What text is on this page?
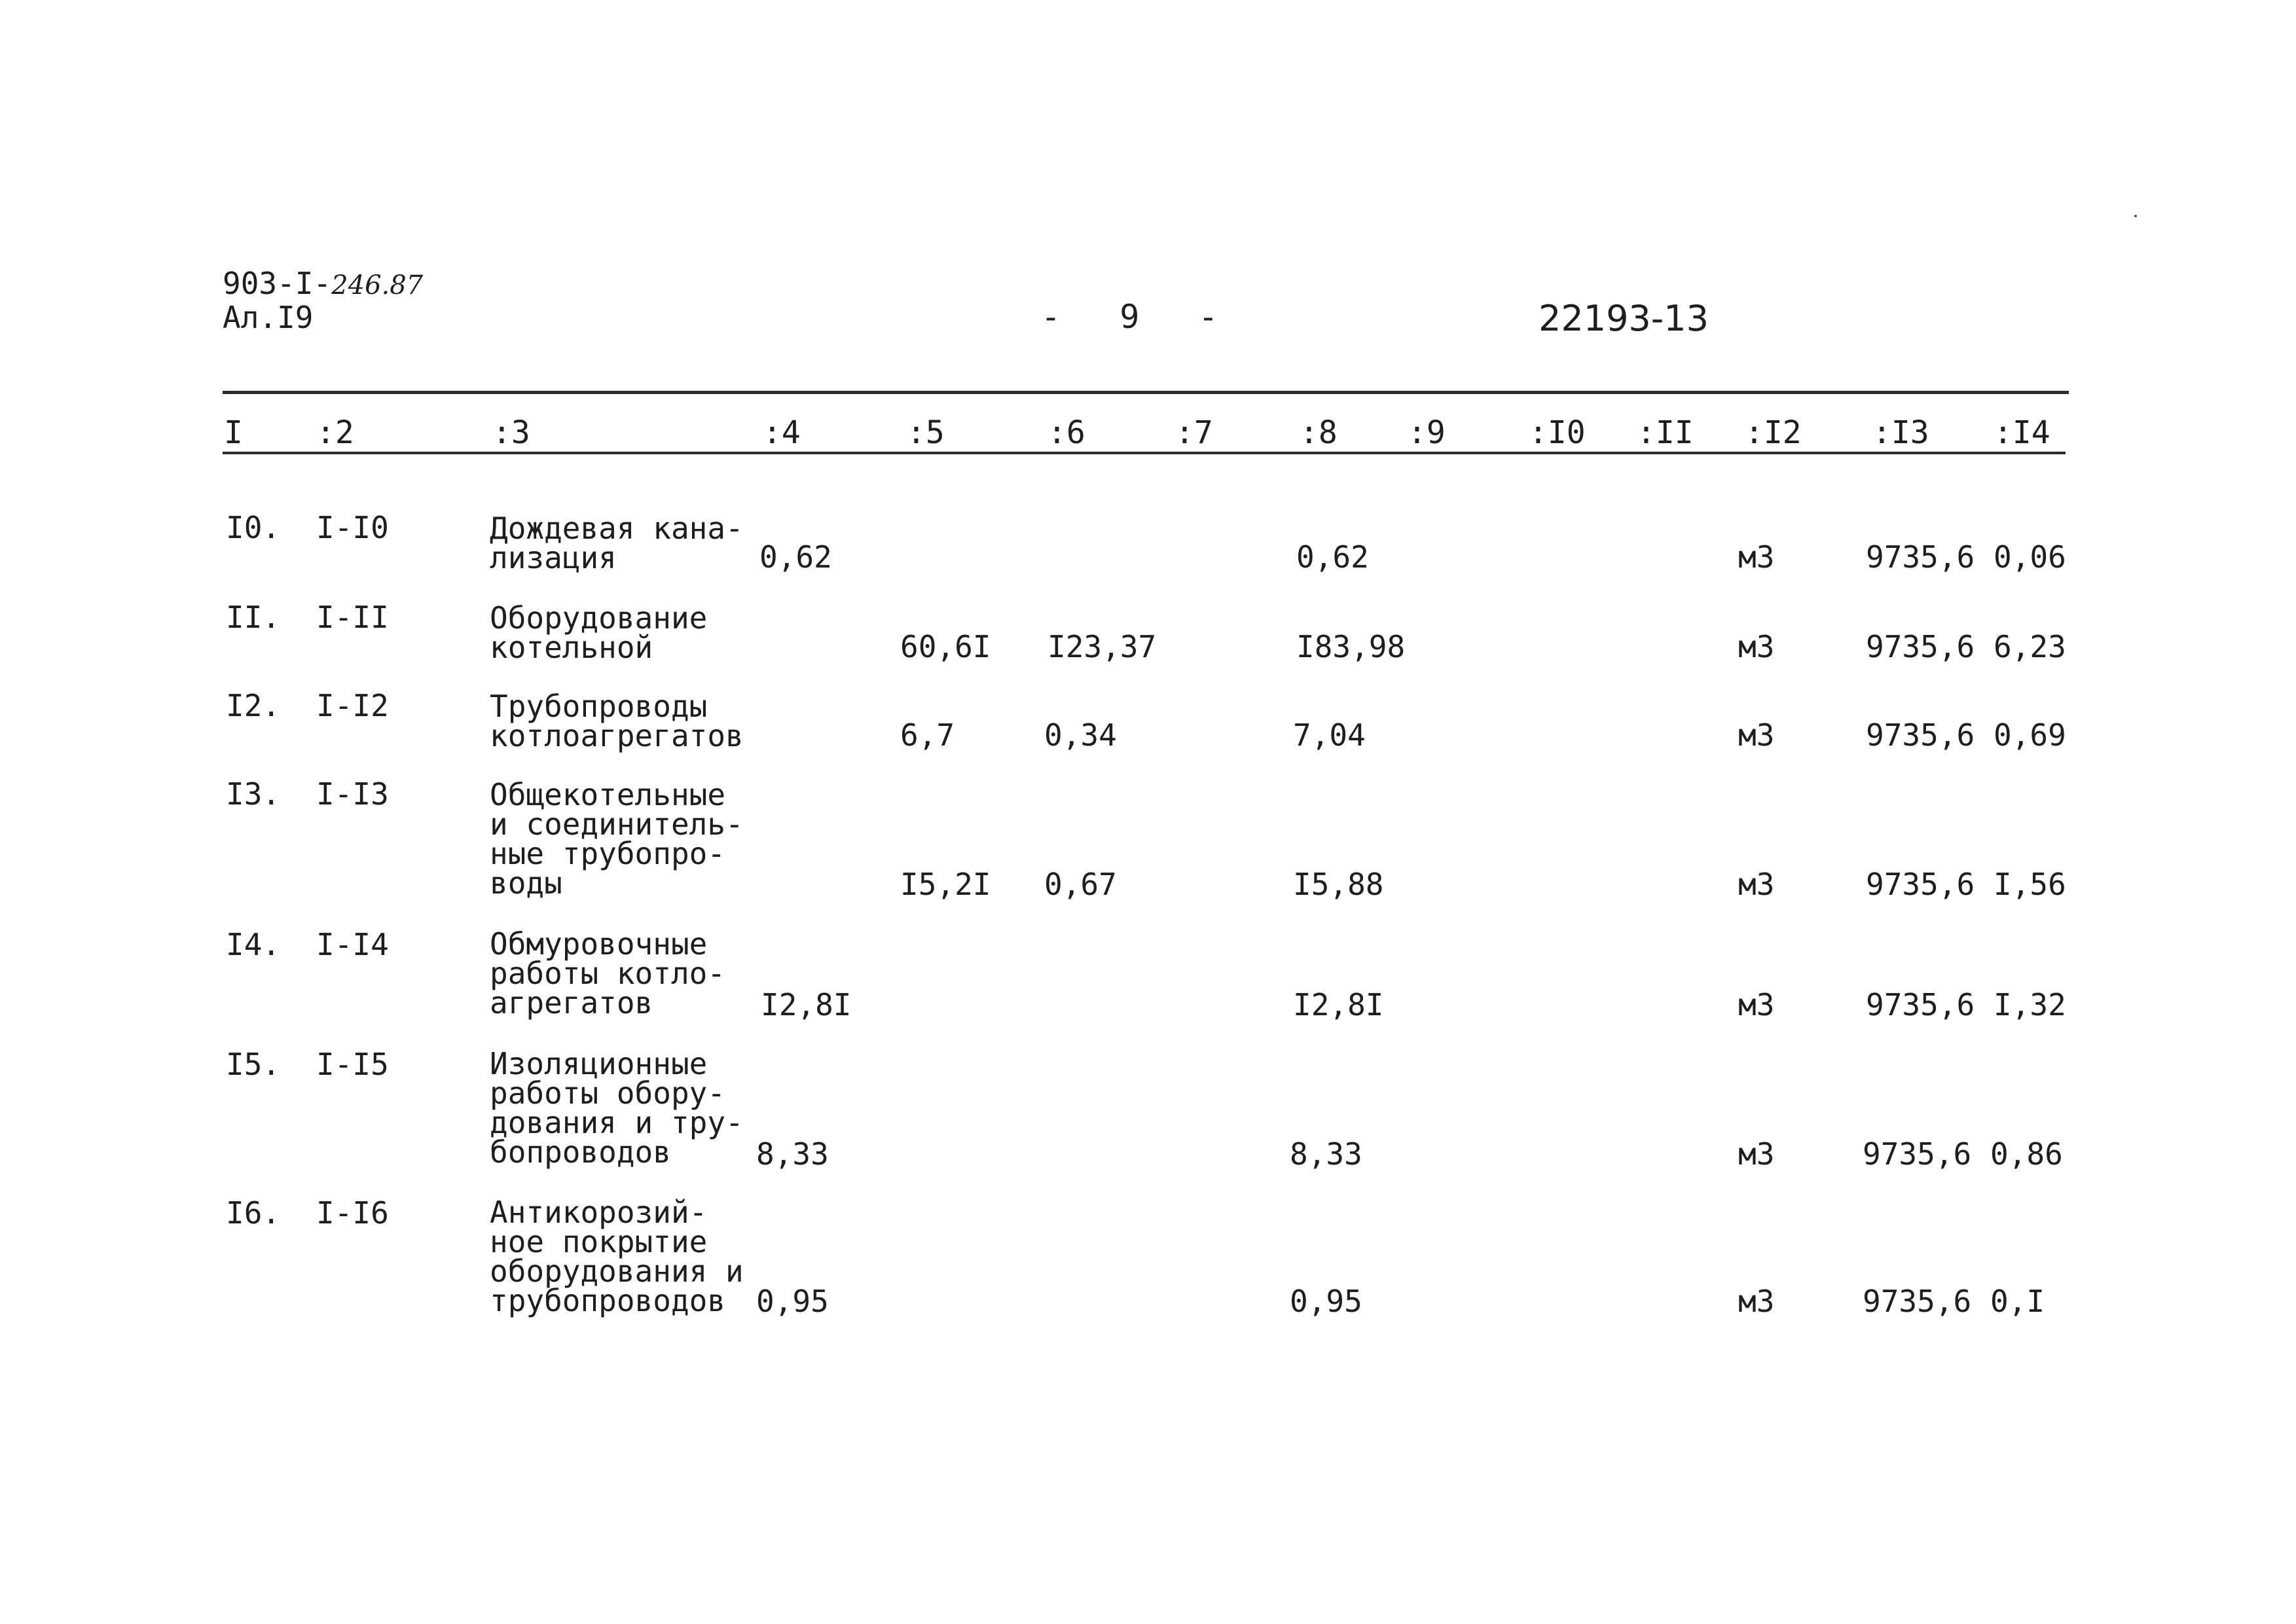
903-I-246.87
Ал.I9	- 9 -	22193-13
I :2	:3	:4	:5	:6	:7	:8 :9	:I0 :II :I2 :I3 :I4
I0. I-I0	Дождевая кана-
лизация	0,62	0,62	м3	9735,6 0,06
II. I-II	Оборудование
котельной	60,6I I23,37	I83,98	м3	9735,6 6,23
I2. I-I2	Трубопроводы
котлоагрегатов	6,7	0,34	7,04	м3	9735,6 0,69
I3. I-I3	Общекотельные
и соединитель-
ные трубопро-
воды	I5,2I 0,67	I5,88	м3	9735,6 I,56
I4. I-I4	Обмуровочные
работы котло-
агрегатов	I2,8I	I2,8I	м3	9735,6 I,32
I5. I-I5	Изоляционные
работы обору-
дования и тру-
бопроводов	8,33	8,33	м3	9735,6 0,86
I6. I-I6	Антикорозий-
ное покрытие
оборудования и
трубопроводов	0,95	0,95	м3	9735,6 0,I
